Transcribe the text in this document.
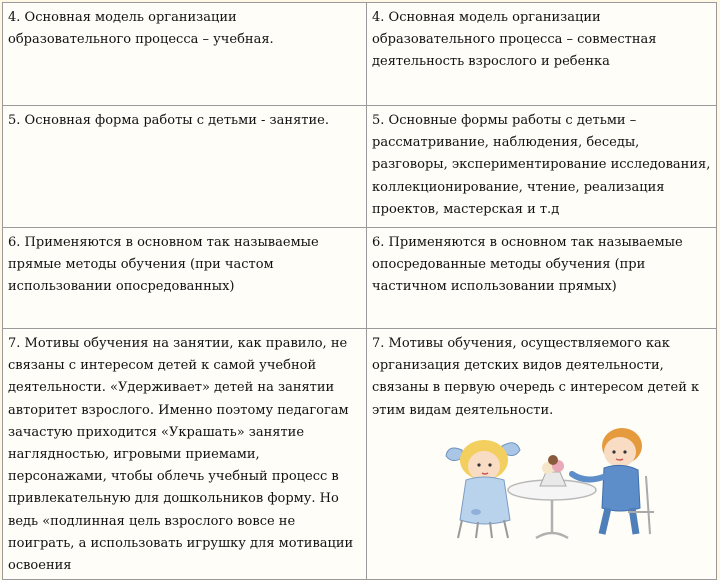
4. Основная модель организации образовательного процесса – учебная.	4. Основная модель организации образовательного процесса – совместная деятельность взрослого и ребенка

5. Основная форма работы с детьми - занятие.	5. Основные формы работы с детьми – рассматривание, наблюдения, беседы, разговоры, экспериментирование исследования, коллекционирование, чтение, реализация проектов, мастерская и т.д

6. Применяются в основном так называемые прямые методы обучения (при частом использовании опосредованных)	6. Применяются в основном так называемые опосредованные методы обучения (при частичном использовании прямых)

7. Мотивы обучения на занятии, как правило, не связаны с интересом детей к самой учебной деятельности. «Удерживает» детей на занятии авторитет взрослого. Именно поэтому педагогам зачастую приходится «Украшать» занятие наглядностью, игровыми приемами, персонажами, чтобы облечь учебный процесс в привлекательную для дошкольников форму. Но ведь «подлинная цель взрослого вовсе не поиграть, а использовать игрушку для мотивации освоения	7. Мотивы обучения, осуществляемого как организация детских видов деятельности, связаны в первую очередь с интересом детей к этим видам деятельности.
